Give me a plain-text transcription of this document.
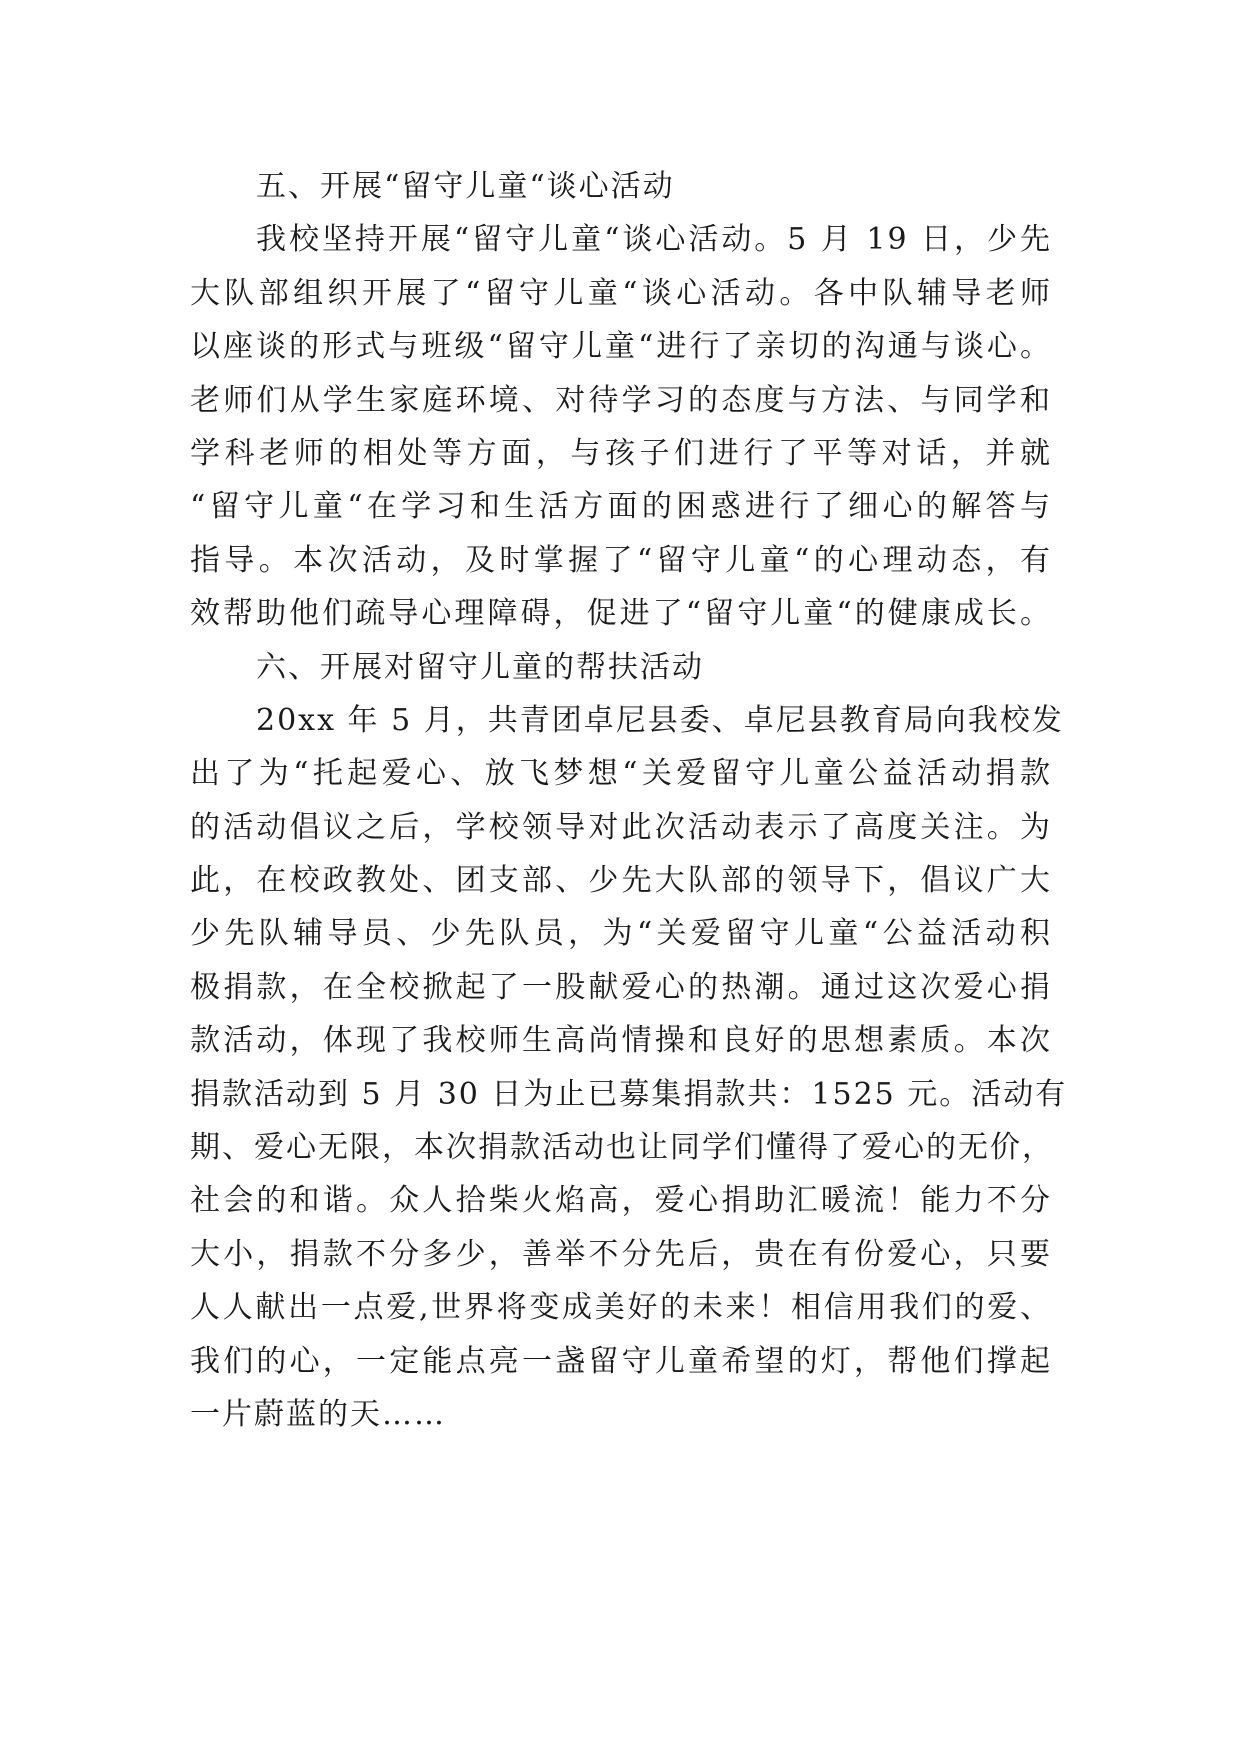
五、开展“留守儿童“谈心活动
我校坚持开展“留守儿童“谈心活动。5 月 19 日，少先
大队部组织开展了“留守儿童“谈心活动。各中队辅导老师
以座谈的形式与班级“留守儿童“进行了亲切的沟通与谈心。
老师们从学生家庭环境、对待学习的态度与方法、与同学和
学科老师的相处等方面，与孩子们进行了平等对话，并就
“留守儿童“在学习和生活方面的困惑进行了细心的解答与
指导。本次活动，及时掌握了“留守儿童“的心理动态，有
效帮助他们疏导心理障碍，促进了“留守儿童“的健康成长。
六、开展对留守儿童的帮扶活动
20xx 年 5 月，共青团卓尼县委、卓尼县教育局向我校发
出了为“托起爱心、放飞梦想“关爱留守儿童公益活动捐款
的活动倡议之后，学校领导对此次活动表示了高度关注。为
此，在校政教处、团支部、少先大队部的领导下，倡议广大
少先队辅导员、少先队员，为“关爱留守儿童“公益活动积
极捐款，在全校掀起了一股献爱心的热潮。通过这次爱心捐
款活动，体现了我校师生高尚情操和良好的思想素质。本次
捐款活动到 5 月 30 日为止已募集捐款共：1525 元。活动有
期、爱心无限，本次捐款活动也让同学们懂得了爱心的无价，
社会的和谐。众人拾柴火焰高，爱心捐助汇暖流！能力不分
大小，捐款不分多少，善举不分先后，贵在有份爱心，只要
人人献出一点爱,世界将变成美好的未来！相信用我们的爱、
我们的心，一定能点亮一盏留守儿童希望的灯，帮他们撑起
一片蔚蓝的天……
